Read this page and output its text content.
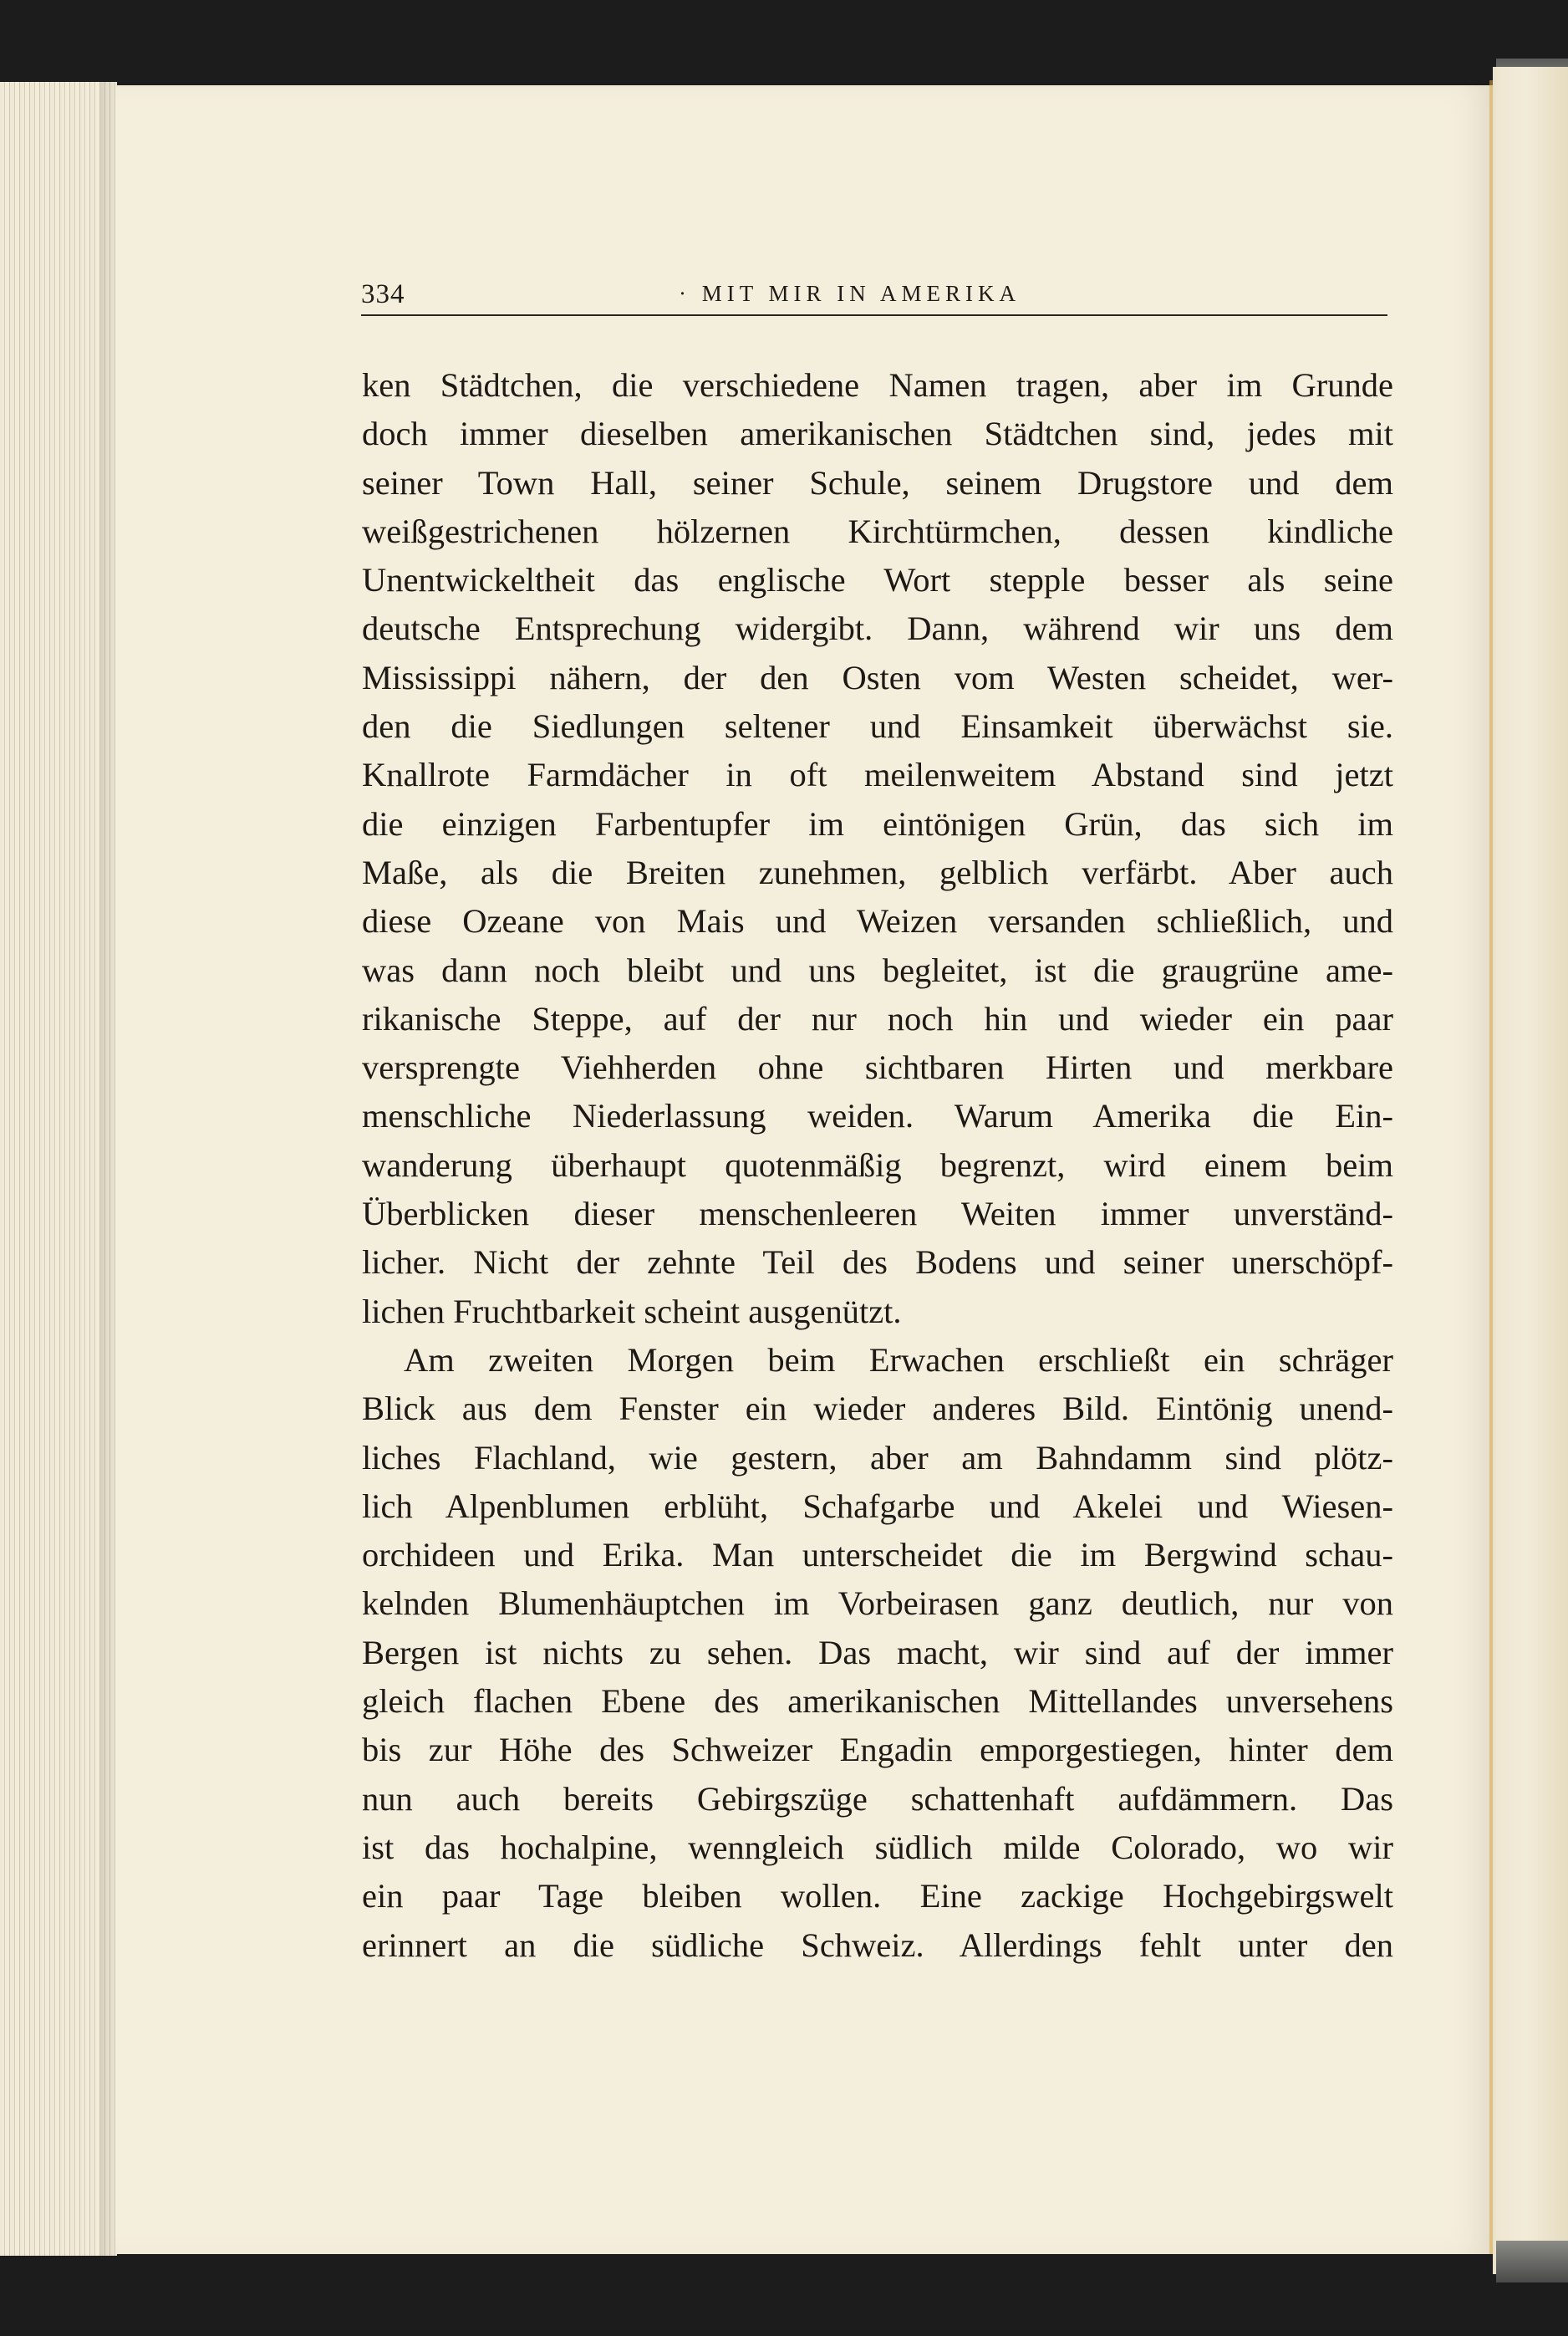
334	· MIT MIR IN AMERIKA
ken Städtchen, die verschiedene Namen tragen, aber im Grunde
doch immer dieselben amerikanischen Städtchen sind, jedes mit
seiner Town Hall, seiner Schule, seinem Drugstore und dem
weißgestrichenen hölzernen Kirchtürmchen, dessen kindliche
Unentwickeltheit das englische Wort stepple besser als seine
deutsche Entsprechung widergibt. Dann, während wir uns dem
Mississippi nähern, der den Osten vom Westen scheidet, wer-
den die Siedlungen seltener und Einsamkeit überwächst sie.
Knallrote Farmdächer in oft meilenweitem Abstand sind jetzt
die einzigen Farbentupfer im eintönigen Grün, das sich im
Maße, als die Breiten zunehmen, gelblich verfärbt. Aber auch
diese Ozeane von Mais und Weizen versanden schließlich, und
was dann noch bleibt und uns begleitet, ist die graugrüne ame-
rikanische Steppe, auf der nur noch hin und wieder ein paar
versprengte Viehherden ohne sichtbaren Hirten und merkbare
menschliche Niederlassung weiden. Warum Amerika die Ein-
wanderung überhaupt quotenmäßig begrenzt, wird einem beim
Überblicken dieser menschenleeren Weiten immer unverständ-
licher. Nicht der zehnte Teil des Bodens und seiner unerschöpf-
lichen Fruchtbarkeit scheint ausgenützt.
Am zweiten Morgen beim Erwachen erschließt ein schräger
Blick aus dem Fenster ein wieder anderes Bild. Eintönig unend-
liches Flachland, wie gestern, aber am Bahndamm sind plötz-
lich Alpenblumen erblüht, Schafgarbe und Akelei und Wiesen-
orchideen und Erika. Man unterscheidet die im Bergwind schau-
kelnden Blumenhäuptchen im Vorbeirasen ganz deutlich, nur von
Bergen ist nichts zu sehen. Das macht, wir sind auf der immer
gleich flachen Ebene des amerikanischen Mittellandes unversehens
bis zur Höhe des Schweizer Engadin emporgestiegen, hinter dem
nun auch bereits Gebirgszüge schattenhaft aufdämmern. Das
ist das hochalpine, wenngleich südlich milde Colorado, wo wir
ein paar Tage bleiben wollen. Eine zackige Hochgebirgswelt
erinnert an die südliche Schweiz. Allerdings fehlt unter den
